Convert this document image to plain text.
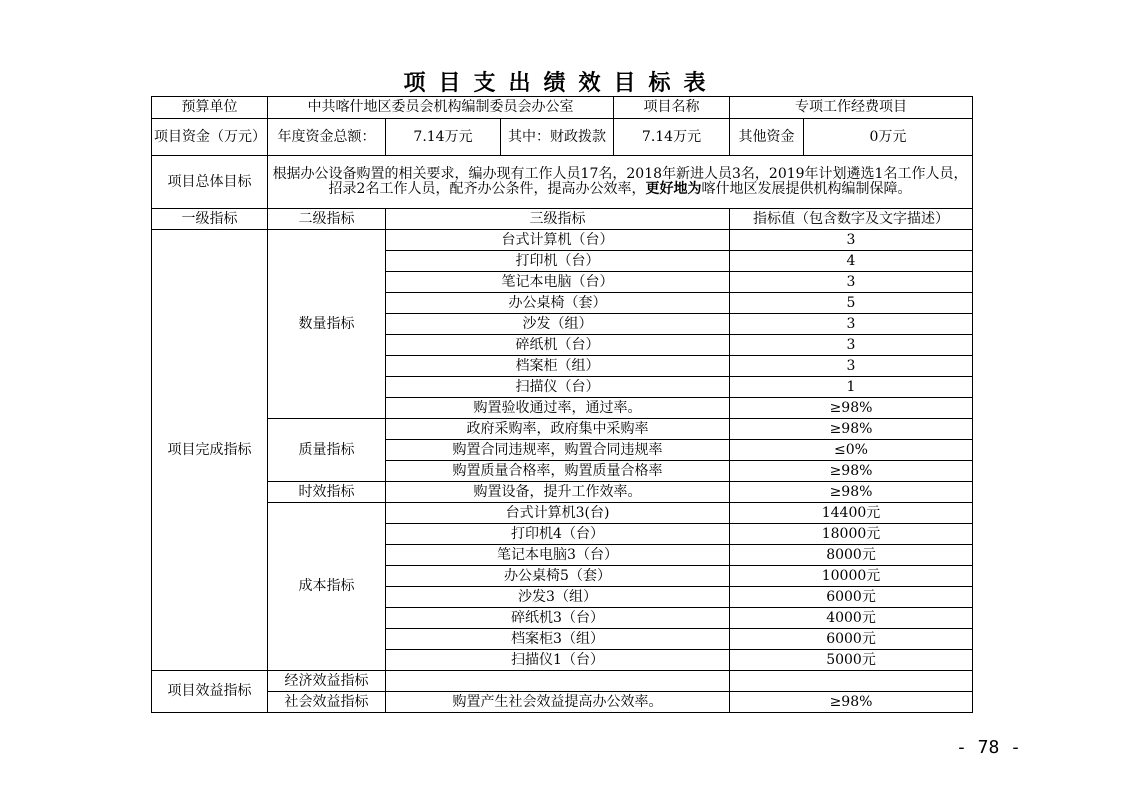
项目支出绩效目标表
预算单位	中共喀什地区委员会机构编制委员会办公室			项目名称	专项工作经费项目	
项目资金（万元）	年度资金总额：	7.14万元	其中：财政拨款	7.14万元	其他资金	0万元
项目总体目标	根据办公设备购置的相关要求，编办现有工作人员17名，2018年新进人员3名，2019年计划遴选1名工作人员，招录2名工作人员，配齐办公条件，提高办公效率，更好地为喀什地区发展提供机构编制保障。					
一级指标	二级指标	三级指标			指标值（包含数字及文字描述）	
项目完成指标	数量指标	台式计算机（台）			3	
		打印机（台）			4	
		笔记本电脑（台）			3	
		办公桌椅（套）			5	
		沙发（组）			3	
		碎纸机（台）			3	
		档案柜（组）			3	
		扫描仪（台）			1	
		购置验收通过率，通过率。			≥98%	
	质量指标	政府采购率，政府集中采购率			≥98%	
		购置合同违规率，购置合同违规率			≤0%	
		购置质量合格率，购置质量合格率			≥98%	
	时效指标	购置设备，提升工作效率。			≥98%	
	成本指标	台式计算机3(台)			14400元	
		打印机4（台）			18000元	
		笔记本电脑3（台）			8000元	
		办公桌椅5（套）			10000元	
		沙发3（组）			6000元	
		碎纸机3（台）			4000元	
		档案柜3（组）			6000元	
		扫描仪1（台）			5000元	
项目效益指标	经济效益指标					
	社会效益指标	购置产生社会效益提高办公效率。			≥98%	
- 78 -
